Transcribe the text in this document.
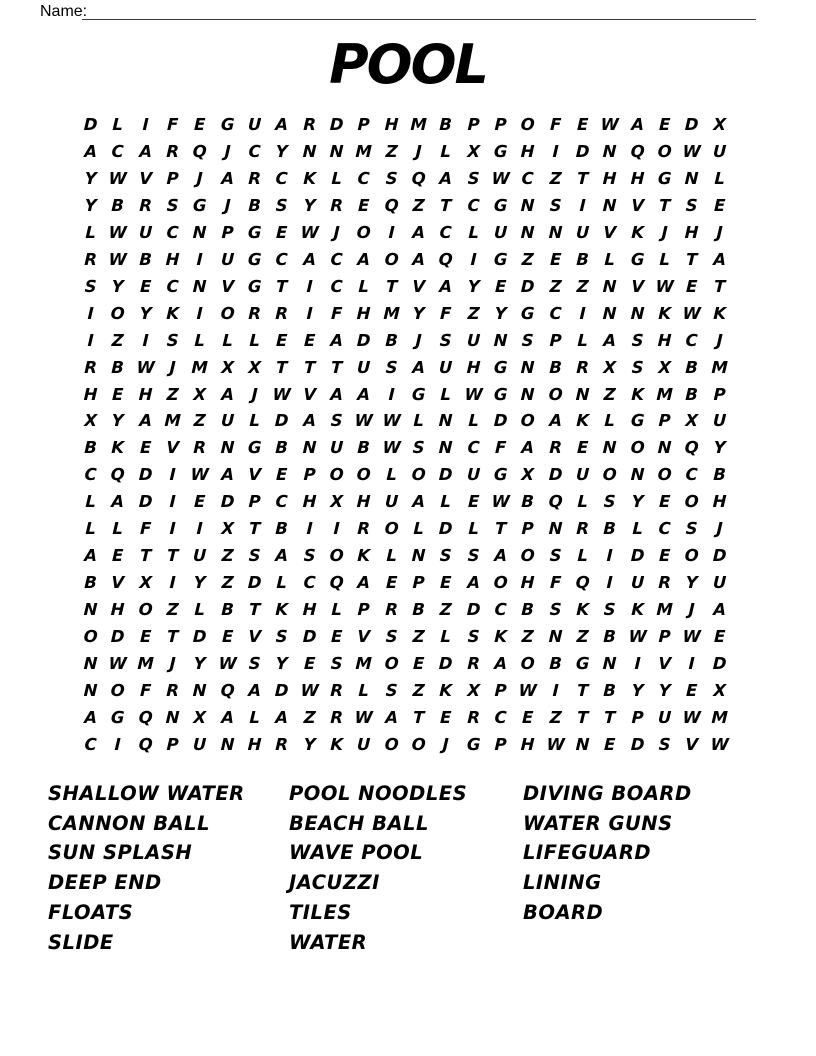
Name:
POOL
D L	I	F E G U A R D P H M B P P O F E W A E D X
A C A R Q	J	C Y N N M Z	J	L X G H	I	D N Q O W U
Y W V P	J	A R C K L C S Q A S W C Z T H H G N L
Y B R S G	J	B S Y R E Q Z T C G N S	I	N V T S E
L W U C N P G E W J	O	I	A C L U N N U V K	J	H	J
R W B H	I	U G C A C A O A Q	I	G Z E B L G L T A
S Y E C N V G T	I	C L T V A Y E D Z Z N V W E T
I	O Y K	I	O R R	I	F H M Y F Z Y G C	I	N N K W K
I	Z	I	S L L L E E A D B	J	S U N S P L A S H C	J
R B W J M X X T T T U S A U H G N B R X S X B M
H E H Z X A	J W V A A	I	G L W G N O N Z K M B P
X Y A M Z U L D A S W W L N L D O A K L G P X U
B K E V R N G B N U B W S N C F A R E N O N Q Y
C Q D	I W A V E P O O L O D U G X D U O N O C B
L A D	I	E D P C H X H U A L E W B Q L S Y E O H
L L F	I	I	X T B	I	I	R O L D L T P N R B L C S	J
A E T T U Z S A S O K L N S S A O S L	I	D E O D
B V X	I	Y Z D L C Q A E P E A O H F Q	I	U R Y U
N H O Z L B T K H L P R B Z D C B S K S K M J	A
O D E T D E V S D E V S Z L S K Z N Z B W P W E
N W M J	Y W S Y E S M O E D R A O B G N	I	V	I	D
N O F R N Q A D W R L S Z K X P W I	T B Y Y E X
A G Q N X A L A Z R W A T E R C E Z T T P U W M
C	I	Q P U N H R Y K U O O	J	G P H W N E D S V W
SHALLOW WATER
CANNON BALL
SUN SPLASH
DEEP END
FLOATS
SLIDE
POOL NOODLES
BEACH BALL
WAVE POOL
JACUZZI
TILES
WATER
DIVING BOARD
WATER GUNS
LIFEGUARD
LINING
BOARD
